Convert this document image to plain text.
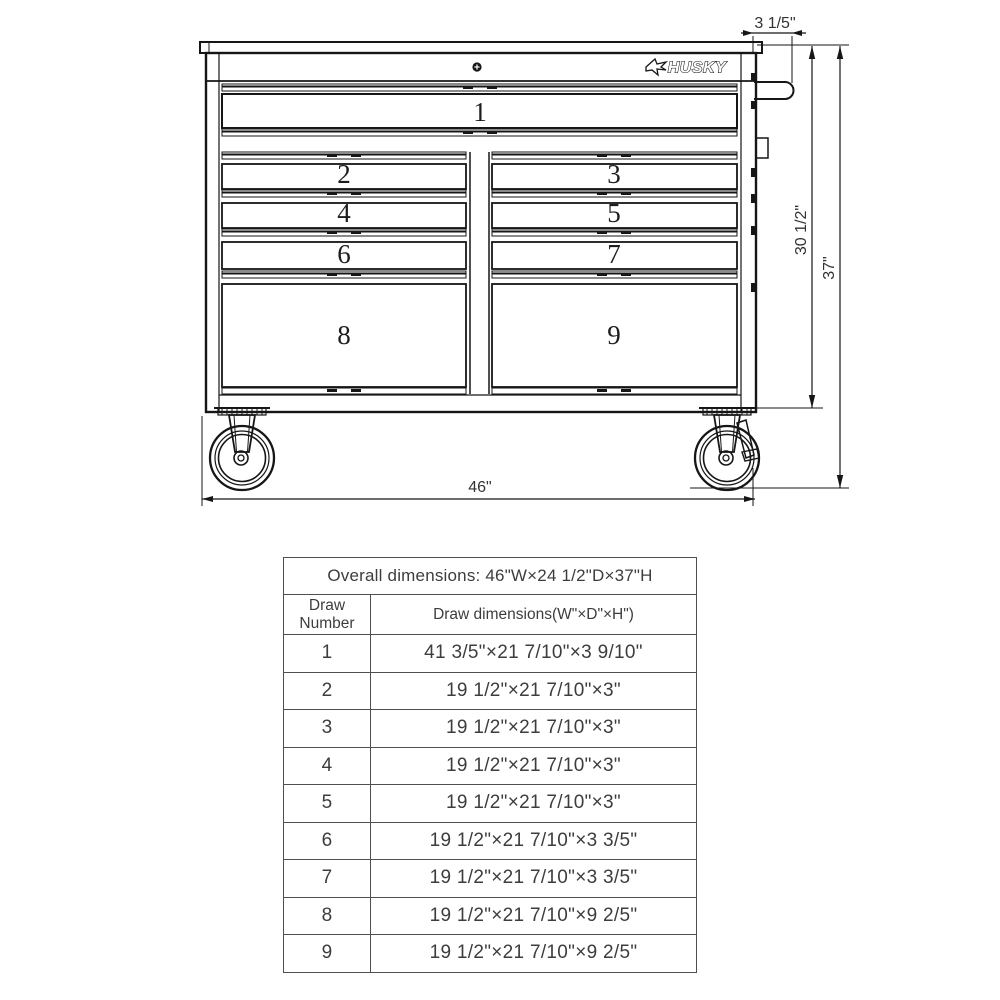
HUSKY
1
2
4
6
8
3
5
7
9
3 1/5"
30 1/2"
37"
46"
Overall dimensions: 46"W×24 1/2"D×37"H	
Draw Number	Draw dimensions(W"×D"×H")
1	41 3/5"×21 7/10"×3 9/10"
2	19 1/2"×21 7/10"×3"
3	19 1/2"×21 7/10"×3"
4	19 1/2"×21 7/10"×3"
5	19 1/2"×21 7/10"×3"
6	19 1/2"×21 7/10"×3 3/5"
7	19 1/2"×21 7/10"×3 3/5"
8	19 1/2"×21 7/10"×9 2/5"
9	19 1/2"×21 7/10"×9 2/5"
